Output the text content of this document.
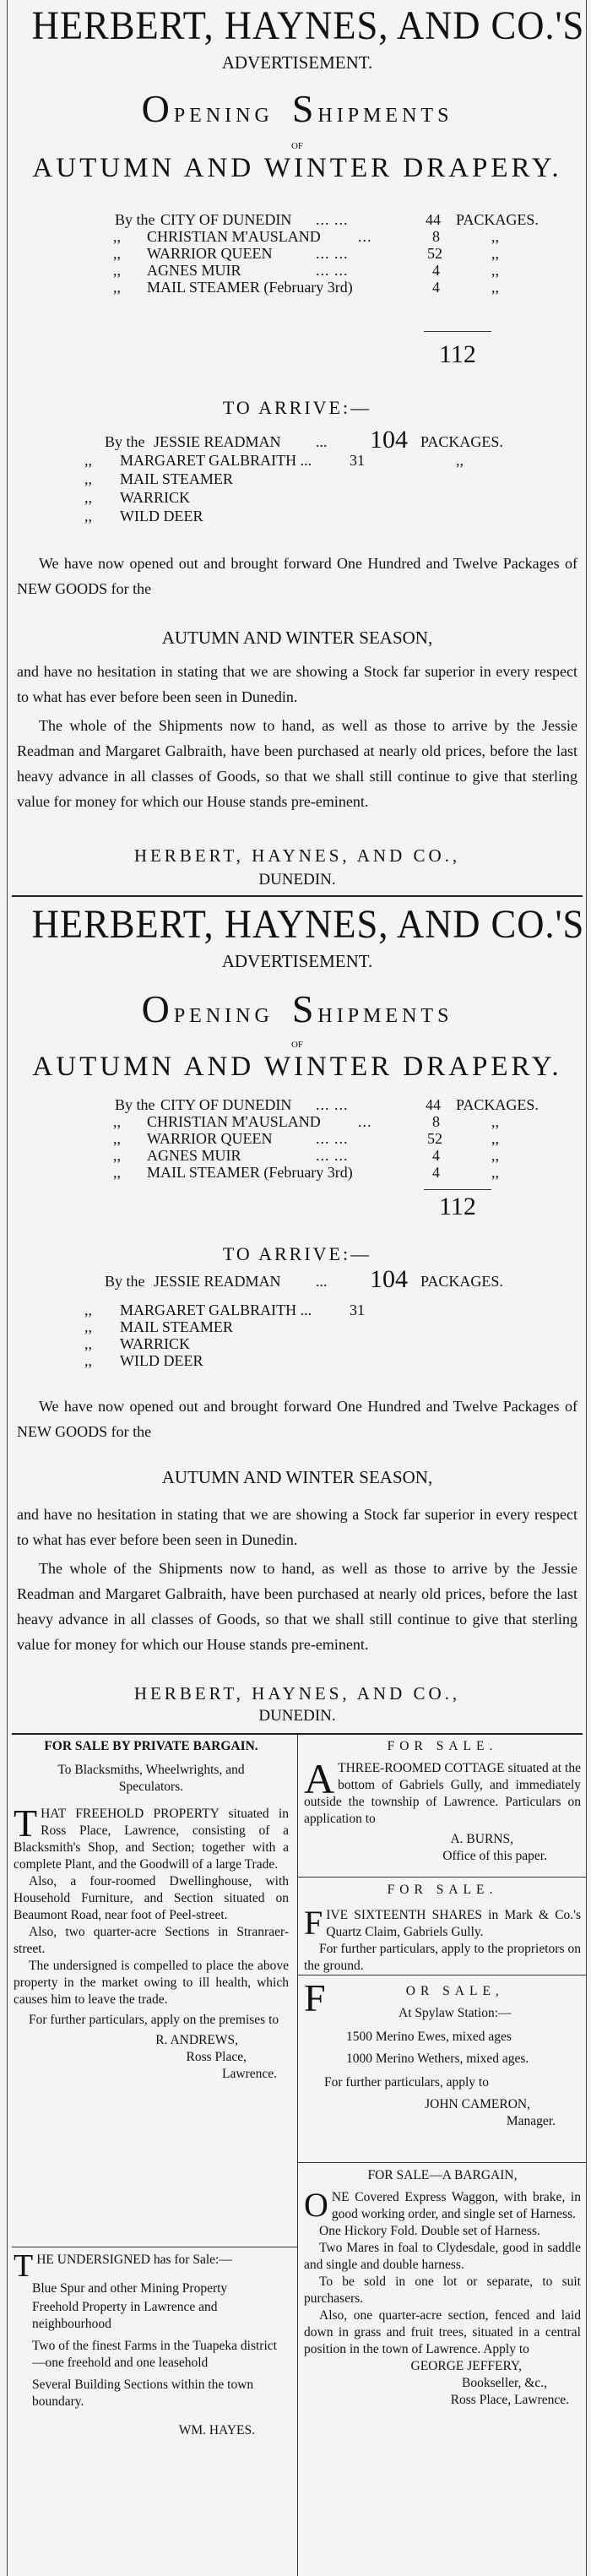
HERBERT, HAYNES, AND CO.'S
ADVERTISEMENT.
OPENING SHIPMENTS
OF
AUTUMN AND WINTER DRAPERY.
By the CITY OF DUNEDIN ... ...	44 PACKAGES.
,, CHRISTIAN M'AUSLAND ...	8	,,
,, WARRIOR QUEEN	... ...	52	,,
,, AGNES MUIR	... ...	4	,,
,, MAIL STEAMER (February 3rd)	4	,,
112
TO ARRIVE:—
By the JESSIE READMAN ... 104 PACKAGES.
,, MARGARET GALBRAITH ... 31	,,
,, MAIL STEAMER
,, WARRICK
,, WILD DEER
We have now opened out and brought forward One Hundred and Twelve Packages of NEW GOODS for the
AUTUMN AND WINTER SEASON,
and have no hesitation in stating that we are showing a Stock far superior in every respect to what has ever before been seen in Dunedin.
The whole of the Shipments now to hand, as well as those to arrive by the Jessie Readman and Margaret Galbraith, have been purchased at nearly old prices, before the last heavy advance in all classes of Goods, so that we shall still continue to give that sterling value for money for which our House stands pre-eminent.
HERBERT, HAYNES, AND CO.,
DUNEDIN.
HERBERT, HAYNES, AND CO.'S
ADVERTISEMENT.
OPENING SHIPMENTS
OF
AUTUMN AND WINTER DRAPERY.
By the CITY OF DUNEDIN ... ...	44 PACKAGES.
,, CHRISTIAN M'AUSLAND ...	8	,,
,, WARRIOR QUEEN	... ...	52	,,
,, AGNES MUIR	... ...	4	,,
,, MAIL STEAMER (February 3rd)	4	,,
112
TO ARRIVE:—
By the JESSIE READMAN ... 104 PACKAGES.
,, MARGARET GALBRAITH ... 31
,, MAIL STEAMER
,, WARRICK
,, WILD DEER
We have now opened out and brought forward One Hundred and Twelve Packages of NEW GOODS for the
AUTUMN AND WINTER SEASON,
and have no hesitation in stating that we are showing a Stock far superior in every respect to what has ever before been seen in Dunedin.
The whole of the Shipments now to hand, as well as those to arrive by the Jessie Readman and Margaret Galbraith, have been purchased at nearly old prices, before the last heavy advance in all classes of Goods, so that we shall still continue to give that sterling value for money for which our House stands pre-eminent.
HERBERT, HAYNES, AND CO.,
DUNEDIN.
FOR SALE BY PRIVATE BARGAIN.
To Blacksmiths, Wheelwrights, and Speculators.
T HAT FREEHOLD PROPERTY situated in Ross Place, Lawrence, consisting of a Blacksmith's Shop, and Section; together with a complete Plant, and the Goodwill of a large Trade.
Also, a four-roomed Dwellinghouse, with Household Furniture, and Section situated on Beaumont Road, near foot of Peel-street.
Also, two quarter-acre Sections in Stranraer-street.
The undersigned is compelled to place the above property in the market owing to ill health, which causes him to leave the trade.
For further particulars, apply on the premises to
R. ANDREWS,
Ross Place,
Lawrence.
T HE UNDERSIGNED has for Sale:—
Blue Spur and other Mining Property
Freehold Property in Lawrence and neighbourhood
Two of the finest Farms in the Tuapeka district—one freehold and one leasehold
Several Building Sections within the town boundary.
WM. HAYES.
FOR SALE.
A THREE-ROOMED COTTAGE situated at the bottom of Gabriels Gully, and immediately outside the township of Lawrence. Particulars on application to
A. BURNS,
Office of this paper.
FOR SALE.
F IVE SIXTEENTH SHARES in Mark & Co.'s Quartz Claim, Gabriels Gully.
For further particulars, apply to the proprietors on the ground.
F	OR SALE,
At Spylaw Station:—
1500 Merino Ewes, mixed ages
1000 Merino Wethers, mixed ages.
For further particulars, apply to
JOHN CAMERON,
Manager.
FOR SALE—A BARGAIN,
O NE Covered Express Waggon, with brake, in good working order, and single set of Harness.
One Hickory Fold. Double set of Harness.
Two Mares in foal to Clydesdale, good in saddle and single and double harness.
To be sold in one lot or separate, to suit purchasers.
Also, one quarter-acre section, fenced and laid down in grass and fruit trees, situated in a central position in the town of Lawrence. Apply to
GEORGE JEFFERY,
Bookseller, &c.,
Ross Place, Lawrence.
